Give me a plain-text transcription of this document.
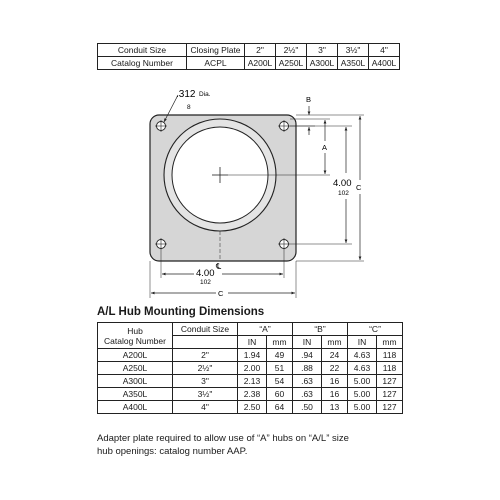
Conduit Size	Closing Plate	2"	2½"	3"	3½"	4"
Catalog Number	ACPL	A200L	A250L	A300L	A350L	A400L
.312 Dia.
8
B
A
4.00
102
C
℄
4.00
102
C
A/L Hub Mounting Dimensions
Hub
Catalog Number	Conduit Size	“A”		“B”		“C”	
		IN	mm	IN	mm	IN	mm
A200L	2"	1.94	49	.94	24	4.63	118
A250L	2½"	2.00	51	.88	22	4.63	118
A300L	3"	2.13	54	.63	16	5.00	127
A350L	3½"	2.38	60	.63	16	5.00	127
A400L	4"	2.50	64	.50	13	5.00	127

Adapter plate required to allow use of “A” hubs on “A/L” size
hub openings: catalog number AAP.
